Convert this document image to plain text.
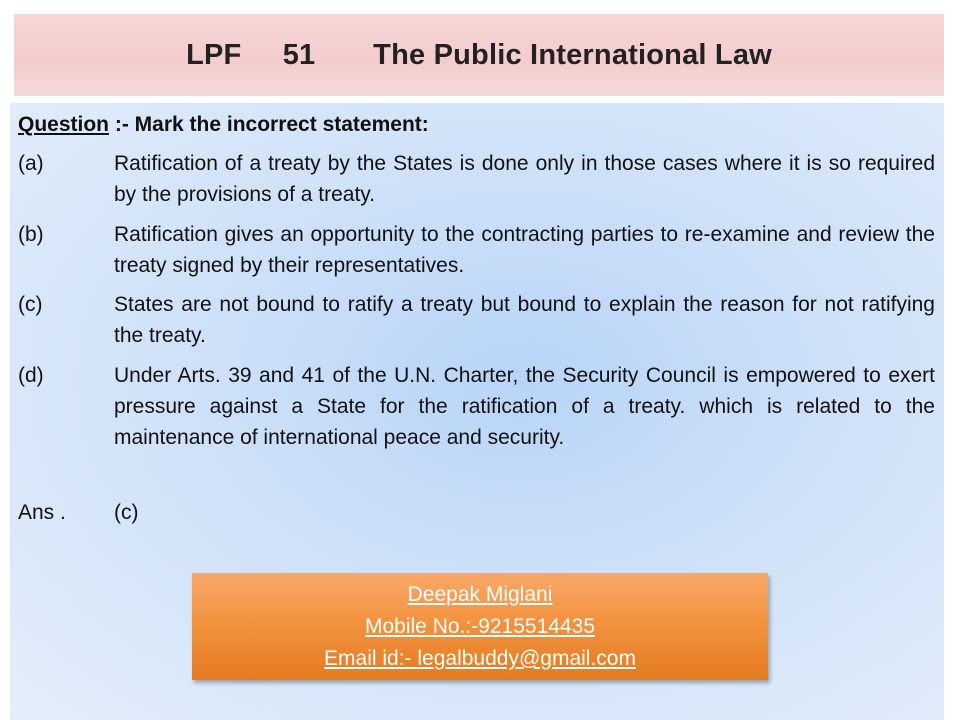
LPF     51       The Public International Law
Question :- Mark the incorrect statement:
(a)	Ratification of a treaty by the States is done only in those cases where it is so required by the provisions of a treaty.
(b)	Ratification gives an opportunity to the contracting parties to re-examine and review the treaty signed by their representatives.
(c)	States are not bound to ratify a treaty but bound to explain the reason for not ratifying the treaty.
(d)	Under Arts. 39 and 41 of the U.N. Charter, the Security Council is empowered to exert pressure against a State for the ratification of a treaty. which is related to the maintenance of international peace and security.
Ans . (c)
Deepak Miglani
Mobile No.:-9215514435
Email id:- legalbuddy@gmail.com
